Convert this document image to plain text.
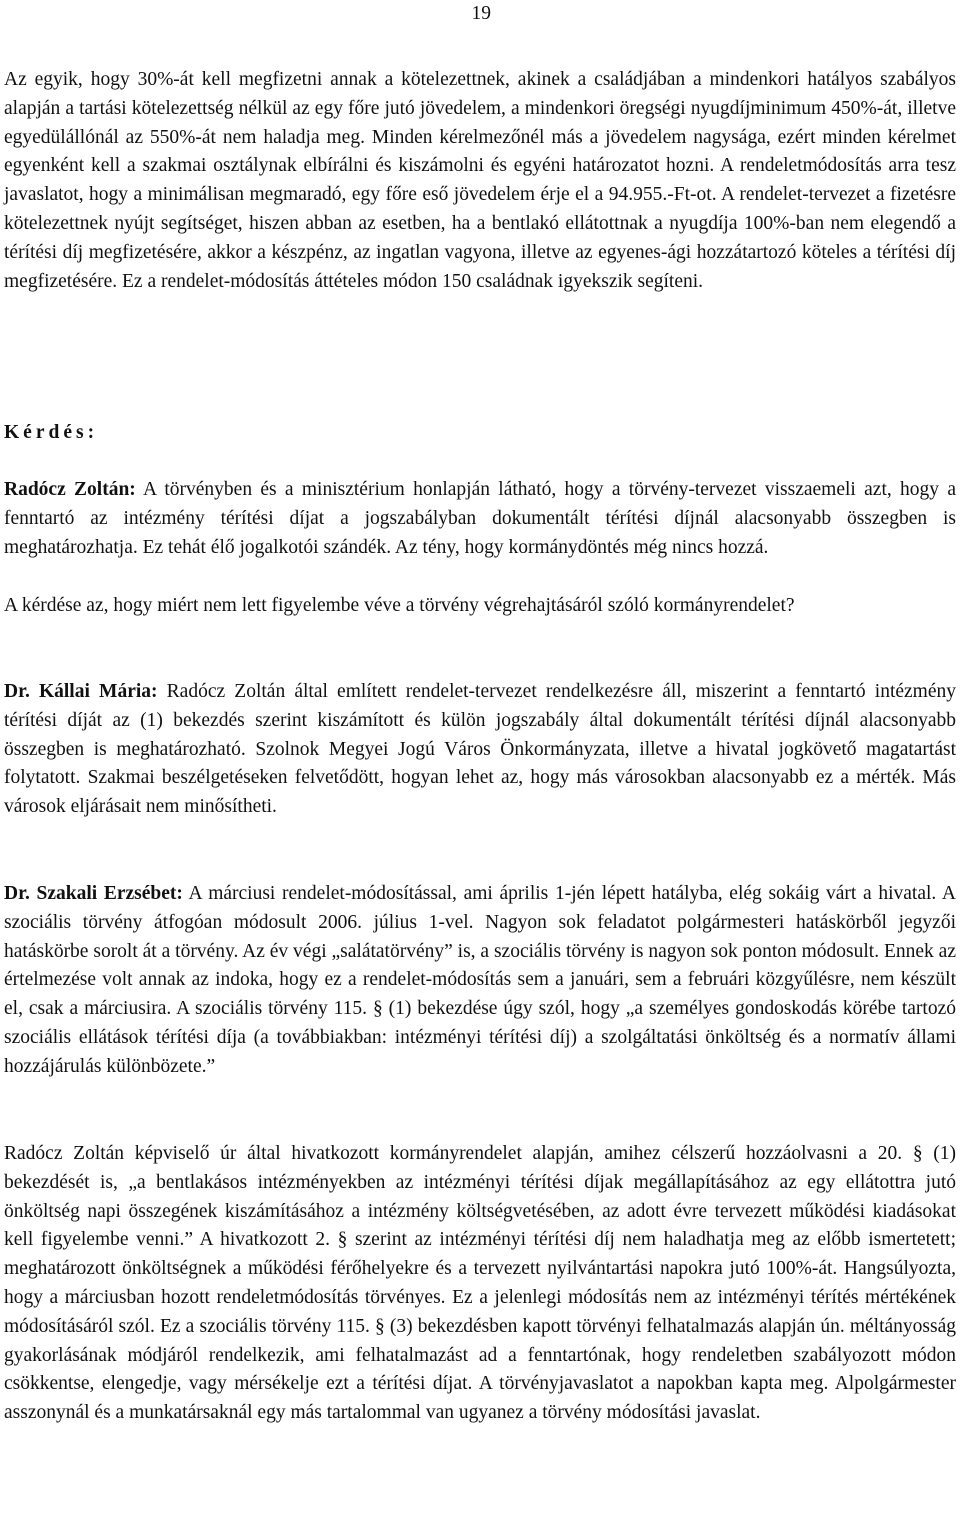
19

Az egyik, hogy 30%-át kell megfizetni annak a kötelezettnek, akinek a családjában a mindenkori hatályos szabályos alapján a tartási kötelezettség nélkül az egy főre jutó jövedelem, a mindenkori öregségi nyugdíjminimum 450%-át, illetve egyedülállónál az 550%-át nem haladja meg. Minden kérelmezőnél más a jövedelem nagysága, ezért minden kérelmet egyenként kell a szakmai osztálynak elbírálni és kiszámolni és egyéni határozatot hozni. A rendeletmódosítás arra tesz javaslatot, hogy a minimálisan megmaradó, egy főre eső jövedelem érje el a 94.955.-Ft-ot. A rendelet-tervezet a fizetésre kötelezettnek nyújt segítséget, hiszen abban az esetben, ha a bentlakó ellátottnak a nyugdíja 100%-ban nem elegendő a térítési díj megfizetésére, akkor a készpénz, az ingatlan vagyona, illetve az egyenes-ági hozzátartozó köteles a térítési díj megfizetésére. Ez a rendelet-módosítás áttételes módon 150 családnak igyekszik segíteni.

Kérdés:

Radócz Zoltán: A törvényben és a minisztérium honlapján látható, hogy a törvény-tervezet visszaemeli azt, hogy a fenntartó az intézmény térítési díjat a jogszabályban dokumentált térítési díjnál alacsonyabb összegben is meghatározhatja. Ez tehát élő jogalkotói szándék. Az tény, hogy kormánydöntés még nincs hozzá.

A kérdése az, hogy miért nem lett figyelembe véve a törvény végrehajtásáról szóló kormányrendelet?

Dr. Kállai Mária: Radócz Zoltán által említett rendelet-tervezet rendelkezésre áll, miszerint a fenntartó intézmény térítési díját az (1) bekezdés szerint kiszámított és külön jogszabály által dokumentált térítési díjnál alacsonyabb összegben is meghatározható. Szolnok Megyei Jogú Város Önkormányzata, illetve a hivatal jogkövető magatartást folytatott. Szakmai beszélgetéseken felvetődött, hogyan lehet az, hogy más városokban alacsonyabb ez a mérték. Más városok eljárásait nem minősítheti.

Dr. Szakali Erzsébet: A márciusi rendelet-módosítással, ami április 1-jén lépett hatályba, elég sokáig várt a hivatal. A szociális törvény átfogóan módosult 2006. július 1-vel. Nagyon sok feladatot polgármesteri hatáskörből jegyzői hatáskörbe sorolt át a törvény. Az év végi „salátatörvény” is, a szociális törvény is nagyon sok ponton módosult. Ennek az értelmezése volt annak az indoka, hogy ez a rendelet-módosítás sem a januári, sem a februári közgyűlésre, nem készült el, csak a márciusira. A szociális törvény 115. § (1) bekezdése úgy szól, hogy „a személyes gondoskodás körébe tartozó szociális ellátások térítési díja (a továbbiakban: intézményi térítési díj) a szolgáltatási önköltség és a normatív állami hozzájárulás különbözete.”

Radócz Zoltán képviselő úr által hivatkozott kormányrendelet alapján, amihez célszerű hozzáolvasni a 20. § (1) bekezdését is, „a bentlakásos intézményekben az intézményi térítési díjak megállapításához az egy ellátottra jutó önköltség napi összegének kiszámításához a intézmény költségvetésében, az adott évre tervezett működési kiadásokat kell figyelembe venni.” A hivatkozott 2. § szerint az intézményi térítési díj nem haladhatja meg az előbb ismertetett; meghatározott önköltségnek a működési férőhelyekre és a tervezett nyilvántartási napokra jutó 100%-át. Hangsúlyozta, hogy a márciusban hozott rendeletmódosítás törvényes. Ez a jelenlegi módosítás nem az intézményi térítés mértékének módosításáról szól. Ez a szociális törvény 115. § (3) bekezdésben kapott törvényi felhatalmazás alapján ún. méltányosság gyakorlásának módjáról rendelkezik, ami felhatalmazást ad a fenntartónak, hogy rendeletben szabályozott módon csökkentse, elengedje, vagy mérsékelje ezt a térítési díjat. A törvényjavaslatot a napokban kapta meg. Alpolgármester asszonynál és a munkatársaknál egy más tartalommal van ugyanez a törvény módosítási javaslat.
